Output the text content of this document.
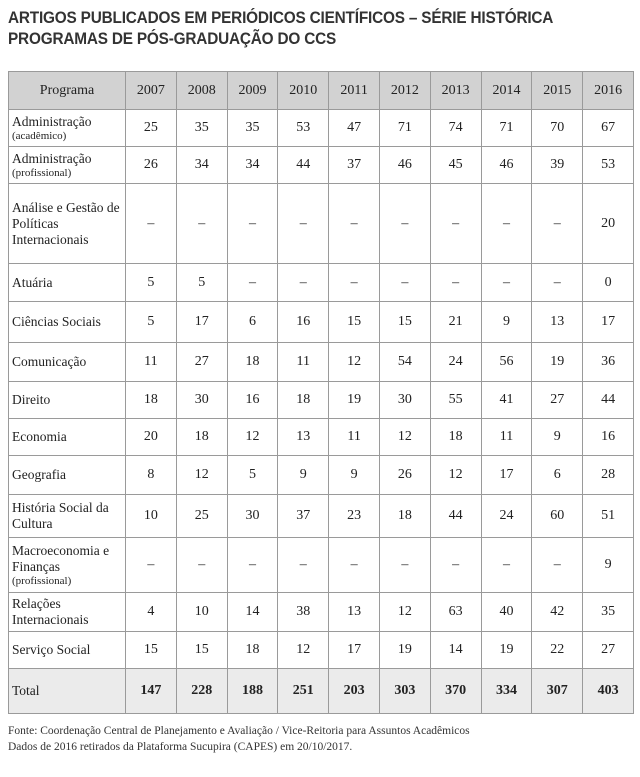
ARTIGOS PUBLICADOS EM PERIÓDICOS CIENTÍFICOS – SÉRIE HISTÓRICA
PROGRAMAS DE PÓS-GRADUAÇÃO DO CCS
Programa	2007	2008	2009	2010	2011	2012	2013	2014	2015	2016
Administração
(acadêmico)	25	35	35	53	47	71	74	71	70	67
Administração
(profissional)	26	34	34	44	37	46	45	46	39	53
Análise e Gestão de Políticas Internacionais	–	–	–	–	–	–	–	–	–	20
Atuária	5	5	–	–	–	–	–	–	–	0
Ciências Sociais	5	17	6	16	15	15	21	9	13	17
Comunicação	11	27	18	11	12	54	24	56	19	36
Direito	18	30	16	18	19	30	55	41	27	44
Economia	20	18	12	13	11	12	18	11	9	16
Geografia	8	12	5	9	9	26	12	17	6	28
História Social da Cultura	10	25	30	37	23	18	44	24	60	51
Macroeconomia e Finanças
(profissional)	–	–	–	–	–	–	–	–	–	9
Relações Internacionais	4	10	14	38	13	12	63	40	42	35
Serviço Social	15	15	18	12	17	19	14	19	22	27
Total	147	228	188	251	203	303	370	334	307	403
Fonte: Coordenação Central de Planejamento e Avaliação / Vice-Reitoria para Assuntos Acadêmicos
Dados de 2016 retirados da Plataforma Sucupira (CAPES) em 20/10/2017.
